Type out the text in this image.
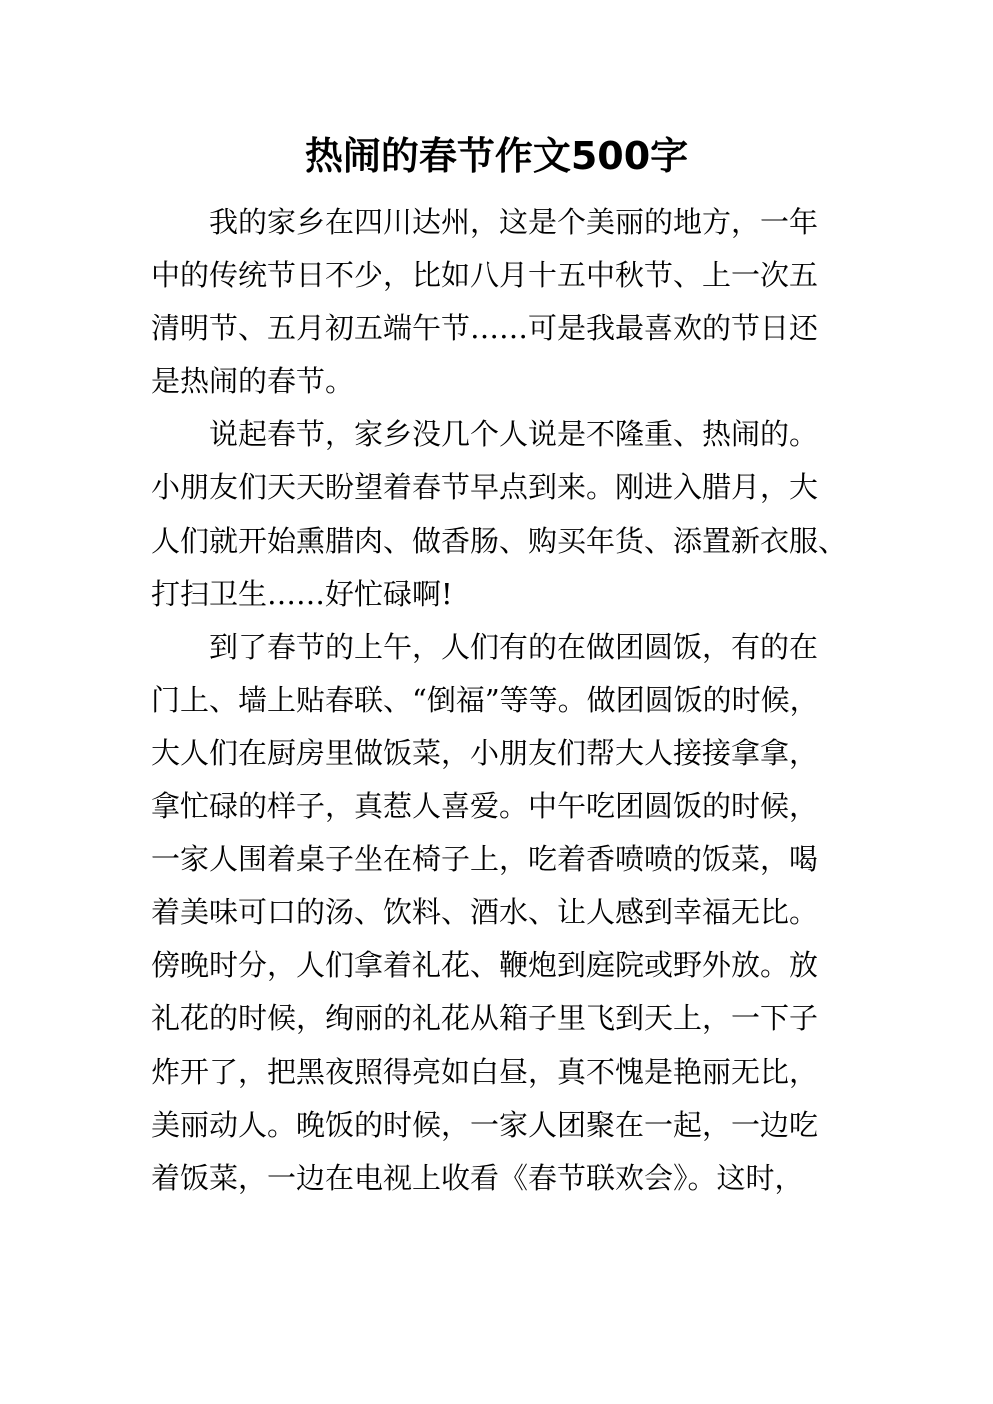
热闹的春节作文500字
我的家乡在四川达州，这是个美丽的地方，一年
中的传统节日不少，比如八月十五中秋节、上一次五
清明节、五月初五端午节……可是我最喜欢的节日还
是热闹的春节。
说起春节，家乡没几个人说是不隆重、热闹的。
小朋友们天天盼望着春节早点到来。刚进入腊月，大
人们就开始熏腊肉、做香肠、购买年货、添置新衣服、
打扫卫生……好忙碌啊!
到了春节的上午，人们有的在做团圆饭，有的在
门上、墙上贴春联、“倒福”等等。做团圆饭的时候，
大人们在厨房里做饭菜，小朋友们帮大人接接拿拿，
拿忙碌的样子，真惹人喜爱。中午吃团圆饭的时候，
一家人围着桌子坐在椅子上，吃着香喷喷的饭菜，喝
着美味可口的汤、饮料、酒水、让人感到幸福无比。
傍晚时分，人们拿着礼花、鞭炮到庭院或野外放。放
礼花的时候，绚丽的礼花从箱子里飞到天上，一下子
炸开了，把黑夜照得亮如白昼，真不愧是艳丽无比，
美丽动人。晚饭的时候，一家人团聚在一起，一边吃
着饭菜，一边在电视上收看《春节联欢会》。这时，
